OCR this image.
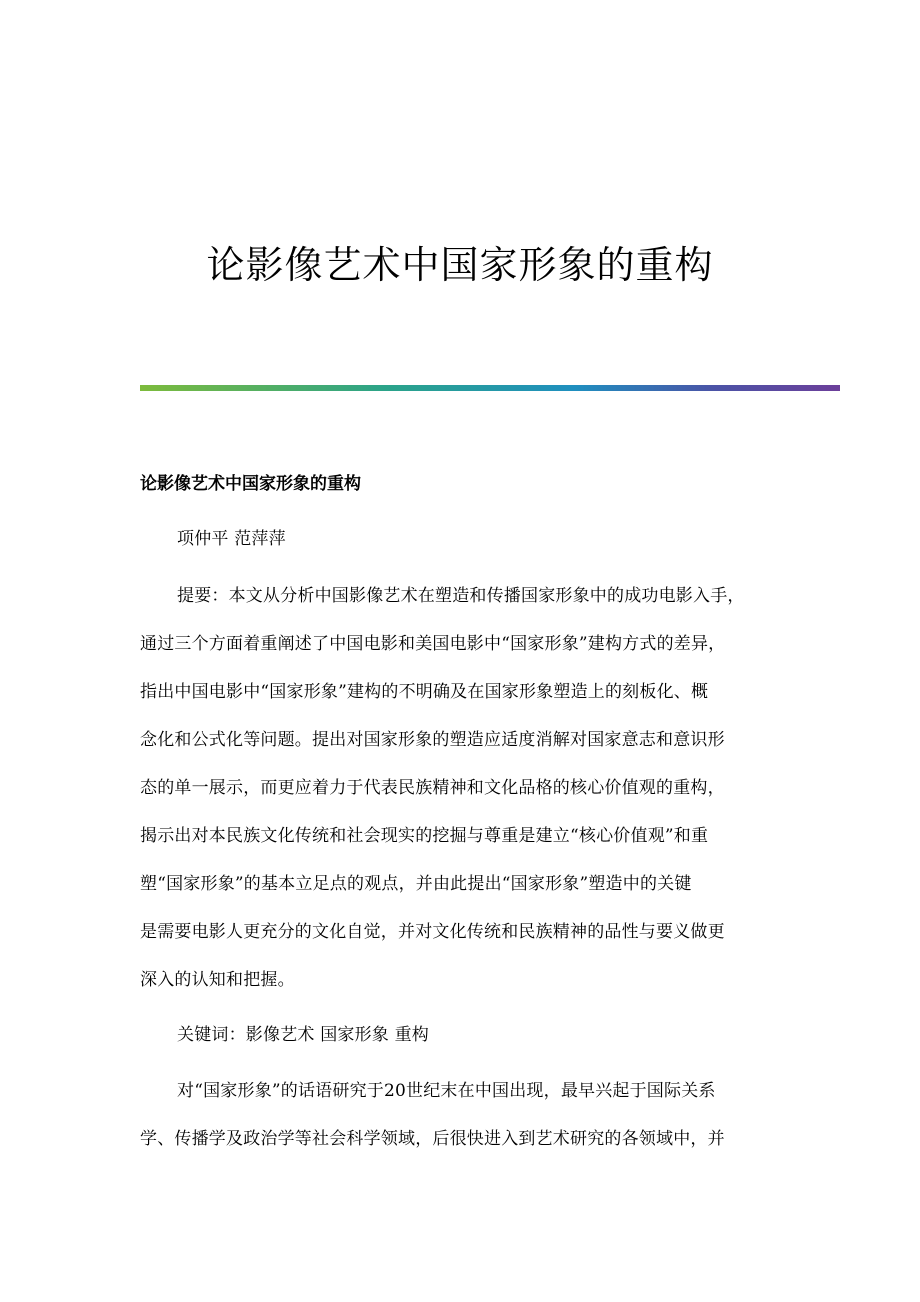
论影像艺术中国家形象的重构
论影像艺术中国家形象的重构
项仲平 范萍萍
提要：本文从分析中国影像艺术在塑造和传播国家形象中的成功电影入手，
通过三个方面着重阐述了中国电影和美国电影中“国家形象”建构方式的差异，
指出中国电影中“国家形象”建构的不明确及在国家形象塑造上的刻板化、概
念化和公式化等问题。提出对国家形象的塑造应适度消解对国家意志和意识形
态的单一展示，而更应着力于代表民族精神和文化品格的核心价值观的重构，
揭示出对本民族文化传统和社会现实的挖掘与尊重是建立“核心价值观”和重
塑“国家形象”的基本立足点的观点，并由此提出“国家形象”塑造中的关键
是需要电影人更充分的文化自觉，并对文化传统和民族精神的品性与要义做更
深入的认知和把握。
关键词：影像艺术 国家形象 重构
对“国家形象”的话语研究于20世纪末在中国出现，最早兴起于国际关系
学、传播学及政治学等社会科学领域，后很快进入到艺术研究的各领域中，并
